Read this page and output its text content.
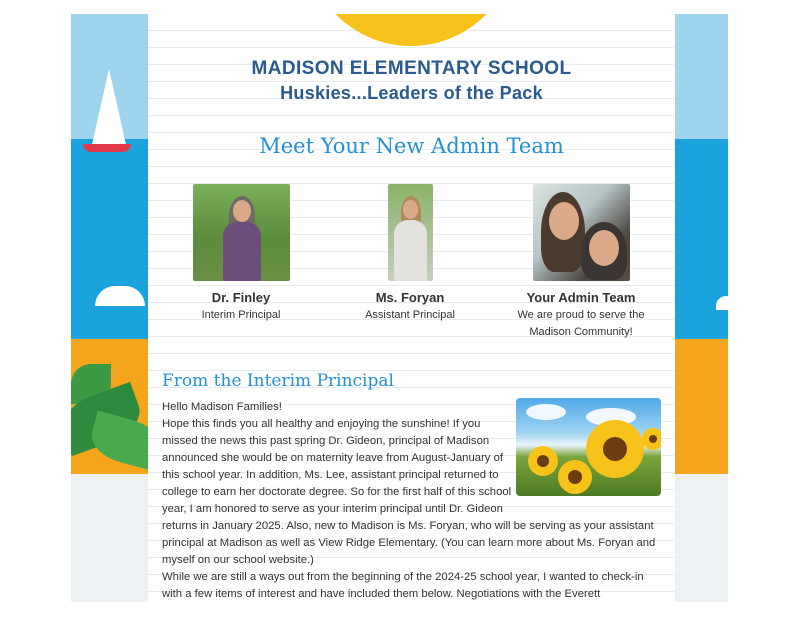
MADISON ELEMENTARY SCHOOL
Huskies...Leaders of the Pack
Meet Your New Admin Team
Dr. Finley
Interim Principal
Ms. Foryan
Assistant Principal
Your Admin Team
We are proud to serve the
Madison Community!
From the Interim Principal

Hello Madison Families!

Hope this finds you all healthy and enjoying the sunshine! If you missed the news this past spring Dr. Gideon, principal of Madison announced she would be on maternity leave from August-January of this school year. In addition, Ms. Lee, assistant principal returned to college to earn her doctorate degree. So for the first half of this school year, I am honored to serve as your interim principal until Dr. Gideon returns in January 2025. Also, new to Madison is Ms. Foryan, who will be serving as your assistant principal at Madison as well as View Ridge Elementary. (You can learn more about Ms. Foryan and myself on our school website.)

While we are still a ways out from the beginning of the 2024-25 school year, I wanted to check-in with a few items of interest and have included them below. Negotiations with the Everett
